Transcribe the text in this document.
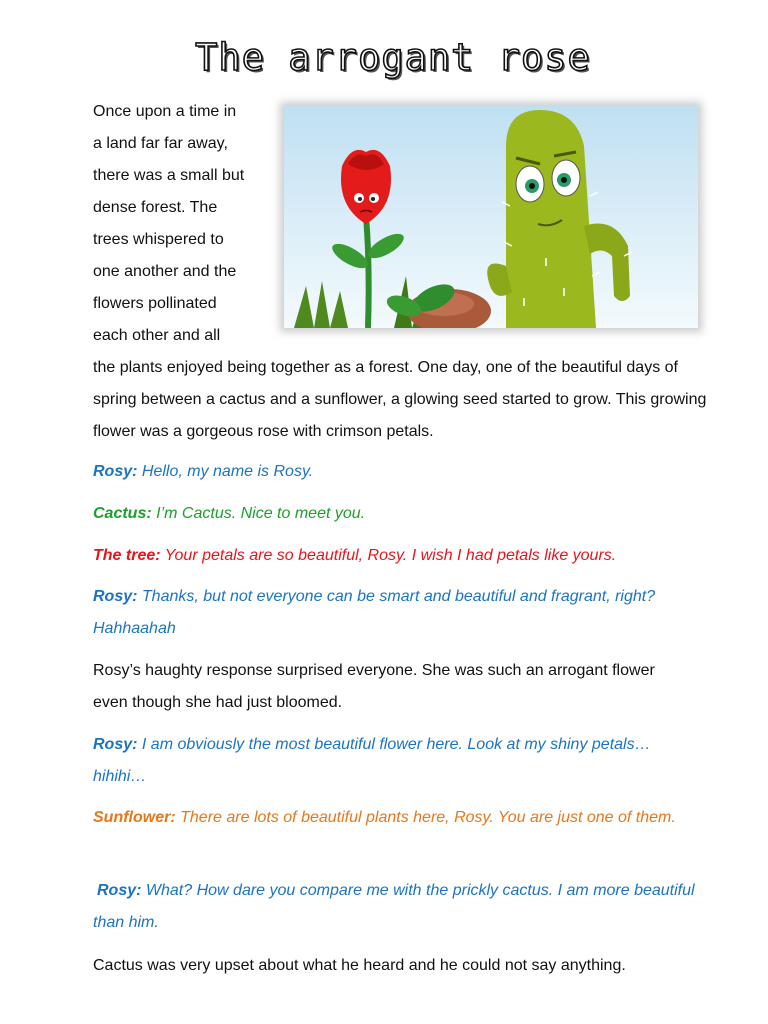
The arrogant rose
Once upon a time in
a land far far away,
there was a small but
dense forest. The
trees whispered to
one another and the
flowers pollinated
each other and all
the plants enjoyed being together as a forest. One day, one of the beautiful days of spring between a cactus and a sunflower, a glowing seed started to grow. This growing flower was a gorgeous rose with crimson petals.
Rosy: Hello, my name is Rosy.
Cactus: I’m Cactus. Nice to meet you.
The tree: Your petals are so beautiful, Rosy. I wish I had petals like yours.
Rosy: Thanks, but not everyone can be smart and beautiful and fragrant, right? Hahhaahah
Rosy’s haughty response surprised everyone. She was such an arrogant flower even though she had just bloomed.
Rosy: I am obviously the most beautiful flower here. Look at my shiny petals…hihihi…
Sunflower: There are lots of beautiful plants here, Rosy. You are just one of them.
Rosy: What? How dare you compare me with the prickly cactus. I am more beautiful than him.
Cactus was very upset about what he heard and he could not say anything.
